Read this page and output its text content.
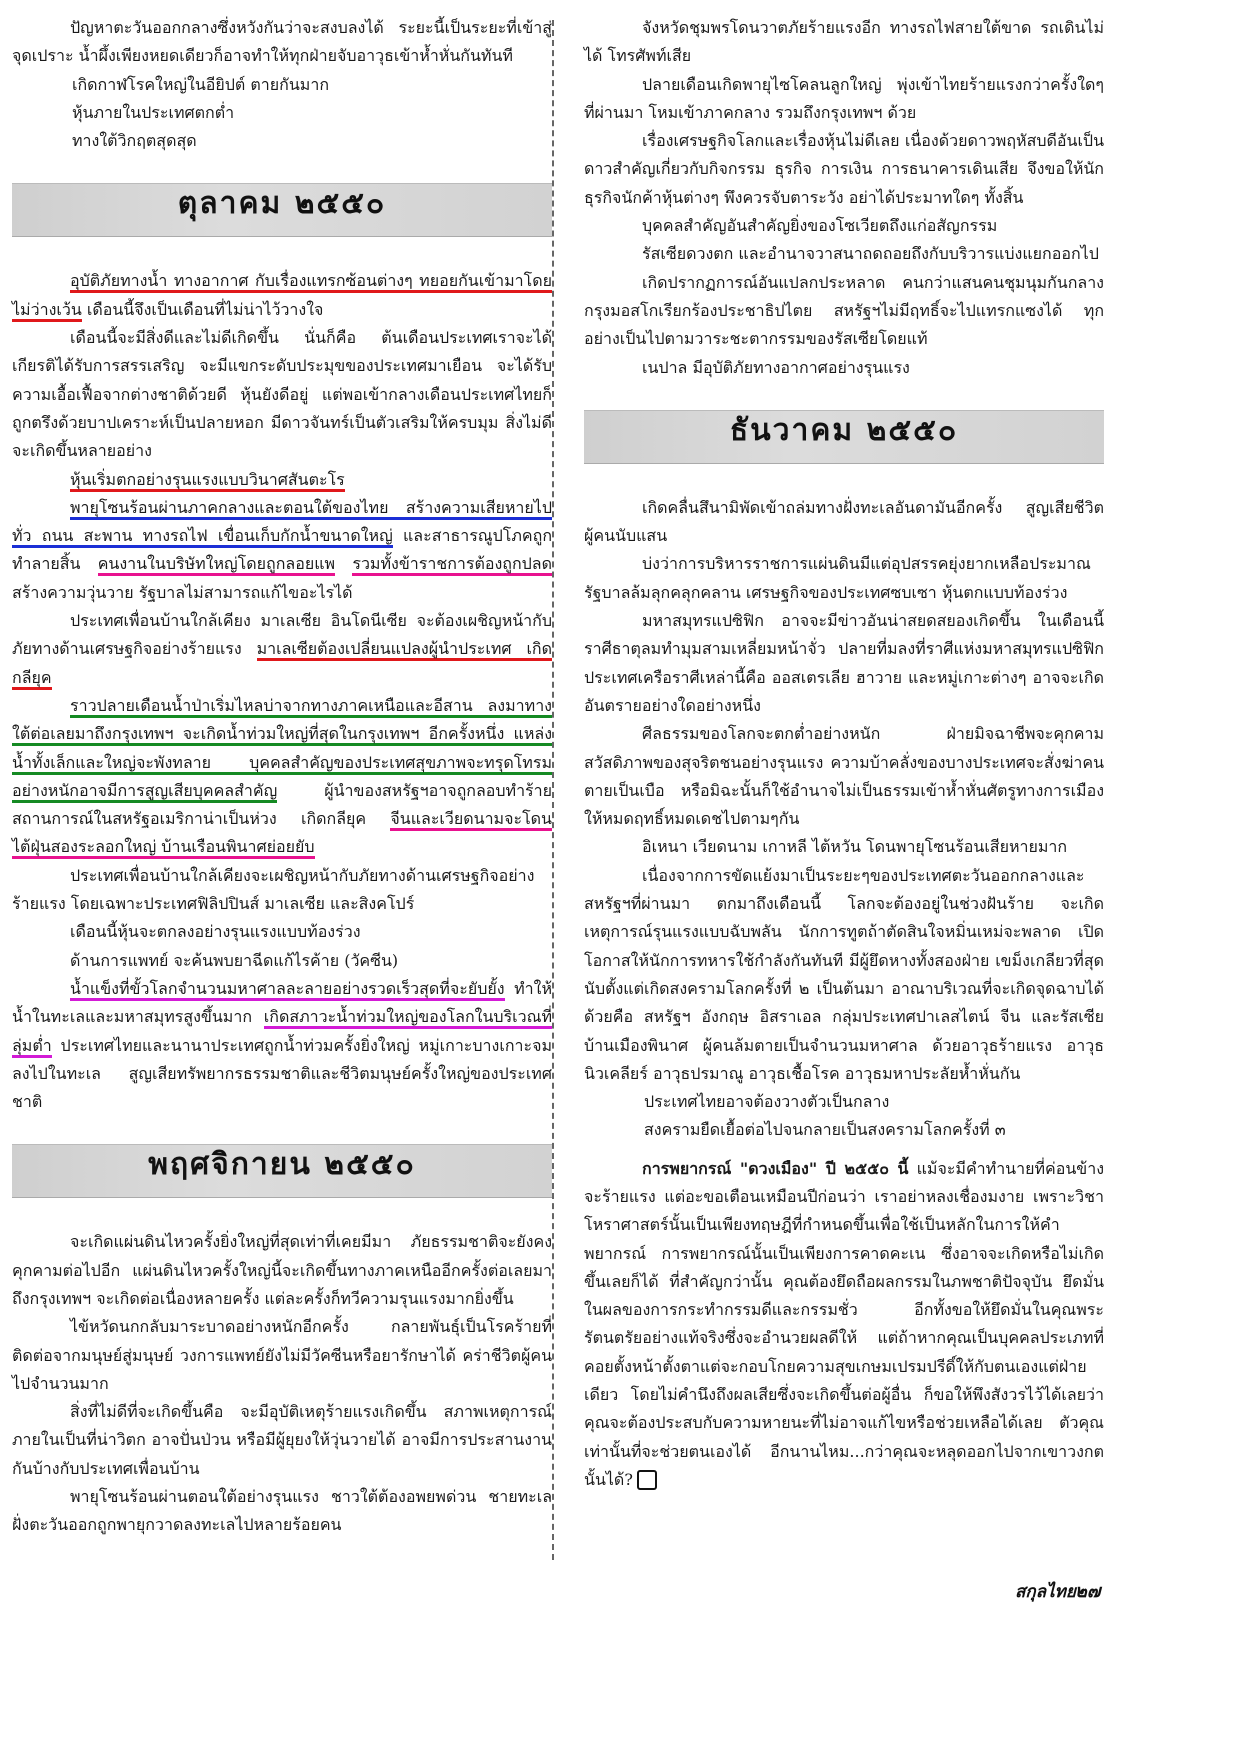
ปัญหาตะวันออกกลางซึ่งหวังกันว่าจะสงบลงได้ ระยะนี้เป็นระยะที่เข้าสู่จุดเปราะ น้ำผึ้งเพียงหยดเดียวก็อาจทำให้ทุกฝ่ายจับอาวุธเข้าห้ำหั่นกันทันที

เกิดกาฬโรคใหญ่ในอียิปต์ ตายกันมาก

หุ้นภายในประเทศตกต่ำ

ทางใต้วิกฤตสุดสุด

ตุลาคม ๒๕๕๐

อุบัติภัยทางน้ำ ทางอากาศ กับเรื่องแทรกซ้อนต่างๆ ทยอยกันเข้ามาโดยไม่ว่างเว้น เดือนนี้จึงเป็นเดือนที่ไม่น่าไว้วางใจ

เดือนนี้จะมีสิ่งดีและไม่ดีเกิดขึ้น นั่นก็คือ ต้นเดือนประเทศเราจะได้เกียรติได้รับการสรรเสริญ จะมีแขกระดับประมุขของประเทศมาเยือน จะได้รับความเอื้อเฟื้อจากต่างชาติด้วยดี หุ้นยังดีอยู่ แต่พอเข้ากลางเดือนประเทศไทยก็ถูกตรึงด้วยบาปเคราะห์เป็นปลายหอก มีดาวจันทร์เป็นตัวเสริมให้ครบมุม สิ่งไม่ดีจะเกิดขึ้นหลายอย่าง

หุ้นเริ่มตกอย่างรุนแรงแบบวินาศสันตะโร

พายุโซนร้อนผ่านภาคกลางและตอนใต้ของไทย สร้างความเสียหายไปทั่ว ถนน สะพาน ทางรถไฟ เขื่อนเก็บกักน้ำขนาดใหญ่ และสาธารณูปโภคถูกทำลายสิ้น คนงานในบริษัทใหญ่โดยถูกลอยแพ รวมทั้งข้าราชการต้องถูกปลด สร้างความวุ่นวาย รัฐบาลไม่สามารถแก้ไขอะไรได้

ประเทศเพื่อนบ้านใกล้เคียง มาเลเซีย อินโดนีเซีย จะต้องเผชิญหน้ากับภัยทางด้านเศรษฐกิจอย่างร้ายแรง มาเลเซียต้องเปลี่ยนแปลงผู้นำประเทศ เกิดกลียุค

ราวปลายเดือนน้ำป่าเริ่มไหลบ่าจากทางภาคเหนือและอีสาน ลงมาทางใต้ต่อเลยมาถึงกรุงเทพฯ จะเกิดน้ำท่วมใหญ่ที่สุดในกรุงเทพฯ อีกครั้งหนึ่ง แหล่งน้ำทั้งเล็กและใหญ่จะพังทลาย บุคคลสำคัญของประเทศสุขภาพจะทรุดโทรมอย่างหนักอาจมีการสูญเสียบุคคลสำคัญ ผู้นำของสหรัฐฯอาจถูกลอบทำร้าย สถานการณ์ในสหรัฐอเมริกาน่าเป็นห่วง เกิดกลียุค จีนและเวียดนามจะโดนไต้ฝุ่นสองระลอกใหญ่ บ้านเรือนพินาศย่อยยับ

ประเทศเพื่อนบ้านใกล้เคียงจะเผชิญหน้ากับภัยทางด้านเศรษฐกิจอย่างร้ายแรง โดยเฉพาะประเทศฟิลิปปินส์ มาเลเซีย และสิงคโปร์

เดือนนี้หุ้นจะตกลงอย่างรุนแรงแบบท้องร่วง

ด้านการแพทย์ จะค้นพบยาฉีดแก้ไรค้าย (วัคซีน)

น้ำแข็งที่ขั้วโลกจำนวนมหาศาลละลายอย่างรวดเร็วสุดที่จะยับยั้ง ทำให้น้ำในทะเลและมหาสมุทรสูงขึ้นมาก เกิดสภาวะน้ำท่วมใหญ่ของโลกในบริเวณที่ลุ่มต่ำ ประเทศไทยและนานาประเทศถูกน้ำท่วมครั้งยิ่งใหญ่ หมู่เกาะบางเกาะจมลงไปในทะเล สูญเสียทรัพยากรธรรมชาติและชีวิตมนุษย์ครั้งใหญ่ของประเทศชาติ

พฤศจิกายน ๒๕๕๐

จะเกิดแผ่นดินไหวครั้งยิ่งใหญ่ที่สุดเท่าที่เคยมีมา ภัยธรรมชาติจะยังคงคุกคามต่อไปอีก แผ่นดินไหวครั้งใหญ่นี้จะเกิดขึ้นทางภาคเหนืออีกครั้งต่อเลยมาถึงกรุงเทพฯ จะเกิดต่อเนื่องหลายครั้ง แต่ละครั้งก็ทวีความรุนแรงมากยิ่งขึ้น

ไข้หวัดนกกลับมาระบาดอย่างหนักอีกครั้ง กลายพันธุ์เป็นโรคร้ายที่ติดต่อจากมนุษย์สู่มนุษย์ วงการแพทย์ยังไม่มีวัคซีนหรือยารักษาได้ คร่าชีวิตผู้คนไปจำนวนมาก

สิ่งที่ไม่ดีที่จะเกิดขึ้นคือ จะมีอุบัติเหตุร้ายแรงเกิดขึ้น สภาพเหตุการณ์ภายในเป็นที่น่าวิตก อาจปั่นป่วน หรือมีผู้ยุยงให้วุ่นวายได้ อาจมีการประสานงานกันบ้างกับประเทศเพื่อนบ้าน

พายุโซนร้อนผ่านตอนใต้อย่างรุนแรง ชาวใต้ต้องอพยพด่วน ชายทะเลฝั่งตะวันออกถูกพายุกวาดลงทะเลไปหลายร้อยคน

จังหวัดชุมพรโดนวาตภัยร้ายแรงอีก ทางรถไฟสายใต้ขาด รถเดินไม่ได้ โทรศัพท์เสีย

ปลายเดือนเกิดพายุไซโคลนลูกใหญ่ พุ่งเข้าไทยร้ายแรงกว่าครั้งใดๆ ที่ผ่านมา โหมเข้าภาคกลาง รวมถึงกรุงเทพฯ ด้วย

เรื่องเศรษฐกิจโลกและเรื่องหุ้นไม่ดีเลย เนื่องด้วยดาวพฤหัสบดีอันเป็นดาวสำคัญเกี่ยวกับกิจกรรม ธุรกิจ การเงิน การธนาคารเดินเสีย จึงขอให้นักธุรกิจนักค้าหุ้นต่างๆ พึงควรจับตาระวัง อย่าได้ประมาทใดๆ ทั้งสิ้น

บุคคลสำคัญอันสำคัญยิ่งของโซเวียตถึงแก่อสัญกรรม

รัสเซียดวงตก และอำนาจวาสนาถดถอยถึงกับบริวารแบ่งแยกออกไป

เกิดปรากฏการณ์อันแปลกประหลาด คนกว่าแสนคนชุมนุมกันกลางกรุงมอสโกเรียกร้องประชาธิปไตย สหรัฐฯไม่มีฤทธิ์จะไปแทรกแซงได้ ทุกอย่างเป็นไปตามวาระชะตากรรมของรัสเซียโดยแท้

เนปาล มีอุบัติภัยทางอากาศอย่างรุนแรง

ธันวาคม ๒๕๕๐

เกิดคลื่นสึนามิพัดเข้าถล่มทางฝั่งทะเลอันดามันอีกครั้ง สูญเสียชีวิตผู้คนนับแสน

บ่งว่าการบริหารราชการแผ่นดินมีแต่อุปสรรคยุ่งยากเหลือประมาณ รัฐบาลล้มลุกคลุกคลาน เศรษฐกิจของประเทศซบเซา หุ้นตกแบบท้องร่วง

มหาสมุทรแปซิฟิก อาจจะมีข่าวอันน่าสยดสยองเกิดขึ้น ในเดือนนี้ราศีธาตุลมทำมุมสามเหลี่ยมหน้าจั่ว ปลายที่มลงที่ราศีแห่งมหาสมุทรแปซิฟิกประเทศเครือราศีเหล่านี้คือ ออสเตรเลีย ฮาวาย และหมู่เกาะต่างๆ อาจจะเกิดอันตรายอย่างใดอย่างหนึ่ง

ศีลธรรมของโลกจะตกต่ำอย่างหนัก ฝ่ายมิจฉาชีพจะคุกคามสวัสดิภาพของสุจริตชนอย่างรุนแรง ความบ้าคลั่งของบางประเทศจะสั่งฆ่าคนตายเป็นเบือ หรือมิฉะนั้นก็ใช้อำนาจไม่เป็นธรรมเข้าห้ำหั่นศัตรูทางการเมืองให้หมดฤทธิ์หมดเดชไปตามๆกัน

อิเหนา เวียดนาม เกาหลี ไต้หวัน โดนพายุโซนร้อนเสียหายมาก

เนื่องจากการขัดแย้งมาเป็นระยะๆของประเทศตะวันออกกลางและสหรัฐฯที่ผ่านมา ตกมาถึงเดือนนี้ โลกจะต้องอยู่ในช่วงฝันร้าย จะเกิดเหตุการณ์รุนแรงแบบฉับพลัน นักการทูตถ้าตัดสินใจหมิ่นเหม่จะพลาด เปิดโอกาสให้นักการทหารใช้กำลังกันทันที มีผู้ยึดหางทั้งสองฝ่าย เขม็งเกลียวที่สุดนับตั้งแต่เกิดสงครามโลกครั้งที่ ๒ เป็นต้นมา อาณาบริเวณที่จะเกิดจุดฉาบได้ด้วยคือ สหรัฐฯ อังกฤษ อิสราเอล กลุ่มประเทศปาเลสไตน์ จีน และรัสเซีย บ้านเมืองพินาศ ผู้คนล้มตายเป็นจำนวนมหาศาล ด้วยอาวุธร้ายแรง อาวุธนิวเคลียร์ อาวุธปรมาณู อาวุธเชื้อโรค อาวุธมหาประลัยห้ำหั่นกัน

ประเทศไทยอาจต้องวางตัวเป็นกลาง

สงครามยืดเยื้อต่อไปจนกลายเป็นสงครามโลกครั้งที่ ๓

การพยากรณ์ "ดวงเมือง" ปี ๒๕๕๐ นี้ แม้จะมีคำทำนายที่ค่อนข้างจะร้ายแรง แต่อะขอเตือนเหมือนปีก่อนว่า เราอย่าหลงเชื่องมงาย เพราะวิชาโหราศาสตร์นั้นเป็นเพียงทฤษฎีที่กำหนดขึ้นเพื่อใช้เป็นหลักในการให้คำพยากรณ์ การพยากรณ์นั้นเป็นเพียงการคาดคะเน ซึ่งอาจจะเกิดหรือไม่เกิดขึ้นเลยก็ได้ ที่สำคัญกว่านั้น คุณต้องยึดถือผลกรรมในภพชาติปัจจุบัน ยึดมั่นในผลของการกระทำกรรมดีและกรรมชั่ว อีกทั้งขอให้ยึดมั่นในคุณพระรัตนตรัยอย่างแท้จริงซึ่งจะอำนวยผลดีให้ แต่ถ้าหากคุณเป็นบุคคลประเภทที่คอยตั้งหน้าตั้งตาแต่จะกอบโกยความสุขเกษมเปรมปรีดิ์ให้กับตนเองแต่ฝ่ายเดียว โดยไม่คำนึงถึงผลเสียซึ่งจะเกิดขึ้นต่อผู้อื่น ก็ขอให้พึงสังวรไว้ได้เลยว่า คุณจะต้องประสบกับความหายนะที่ไม่อาจแก้ไขหรือช่วยเหลือได้เลย ตัวคุณเท่านั้นที่จะช่วยตนเองได้ อีกนานไหม...กว่าคุณจะหลุดออกไปจากเขาวงกตนั้นได้?

สกุลไทย ๒๗
